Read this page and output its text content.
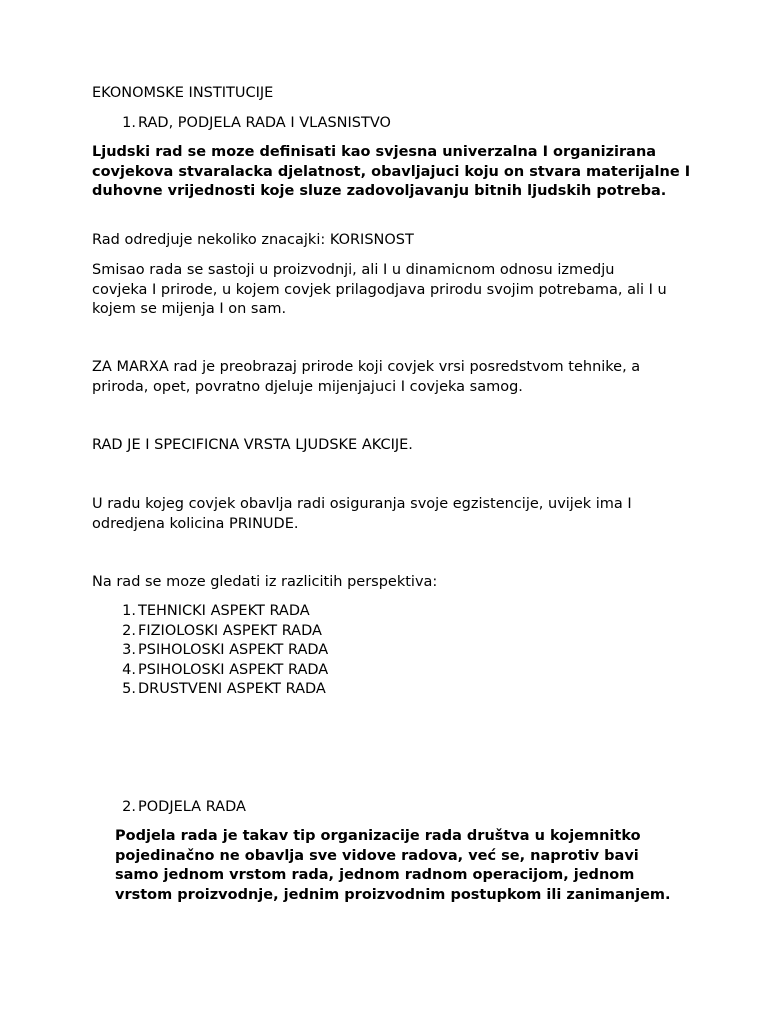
EKONOMSKE INSTITUCIJE

1. RAD, PODJELA RADA I VLASNISTVO

Ljudski rad se moze definisati kao svjesna univerzalna I organizirana covjekova stvaralacka djelatnost, obavljajuci koju on stvara materijalne I duhovne vrijednosti koje sluze zadovoljavanju bitnih ljudskih potreba.

Rad odredjuje nekoliko znacajki: KORISNOST

Smisao rada se sastoji u proizvodnji, ali I u dinamicnom odnosu izmedju covjeka I prirode, u kojem covjek prilagodjava prirodu svojim potrebama, ali I u kojem se mijenja I on sam.

ZA MARXA rad je preobrazaj prirode koji covjek vrsi posredstvom tehnike, a priroda, opet, povratno djeluje mijenjajuci I covjeka samog.

RAD JE I SPECIFICNA VRSTA LJUDSKE AKCIJE.

U radu kojeg covjek obavlja radi osiguranja svoje egzistencije, uvijek ima I odredjena kolicina PRINUDE.

Na rad se moze gledati iz razlicitih perspektiva:

1. TEHNICKI ASPEKT RADA
2. FIZIOLOSKI ASPEKT RADA
3. PSIHOLOSKI ASPEKT RADA
4. PSIHOLOSKI ASPEKT RADA
5. DRUSTVENI ASPEKT RADA
2. PODJELA RADA

Podjela rada je takav tip organizacije rada društva u kojemnitko pojedinačno ne obavlja sve vidove radova, već se, naprotiv bavi samo jednom vrstom rada, jednom radnom operacijom, jednom vrstom proizvodnje, jednim proizvodnim postupkom ili zanimanjem.
